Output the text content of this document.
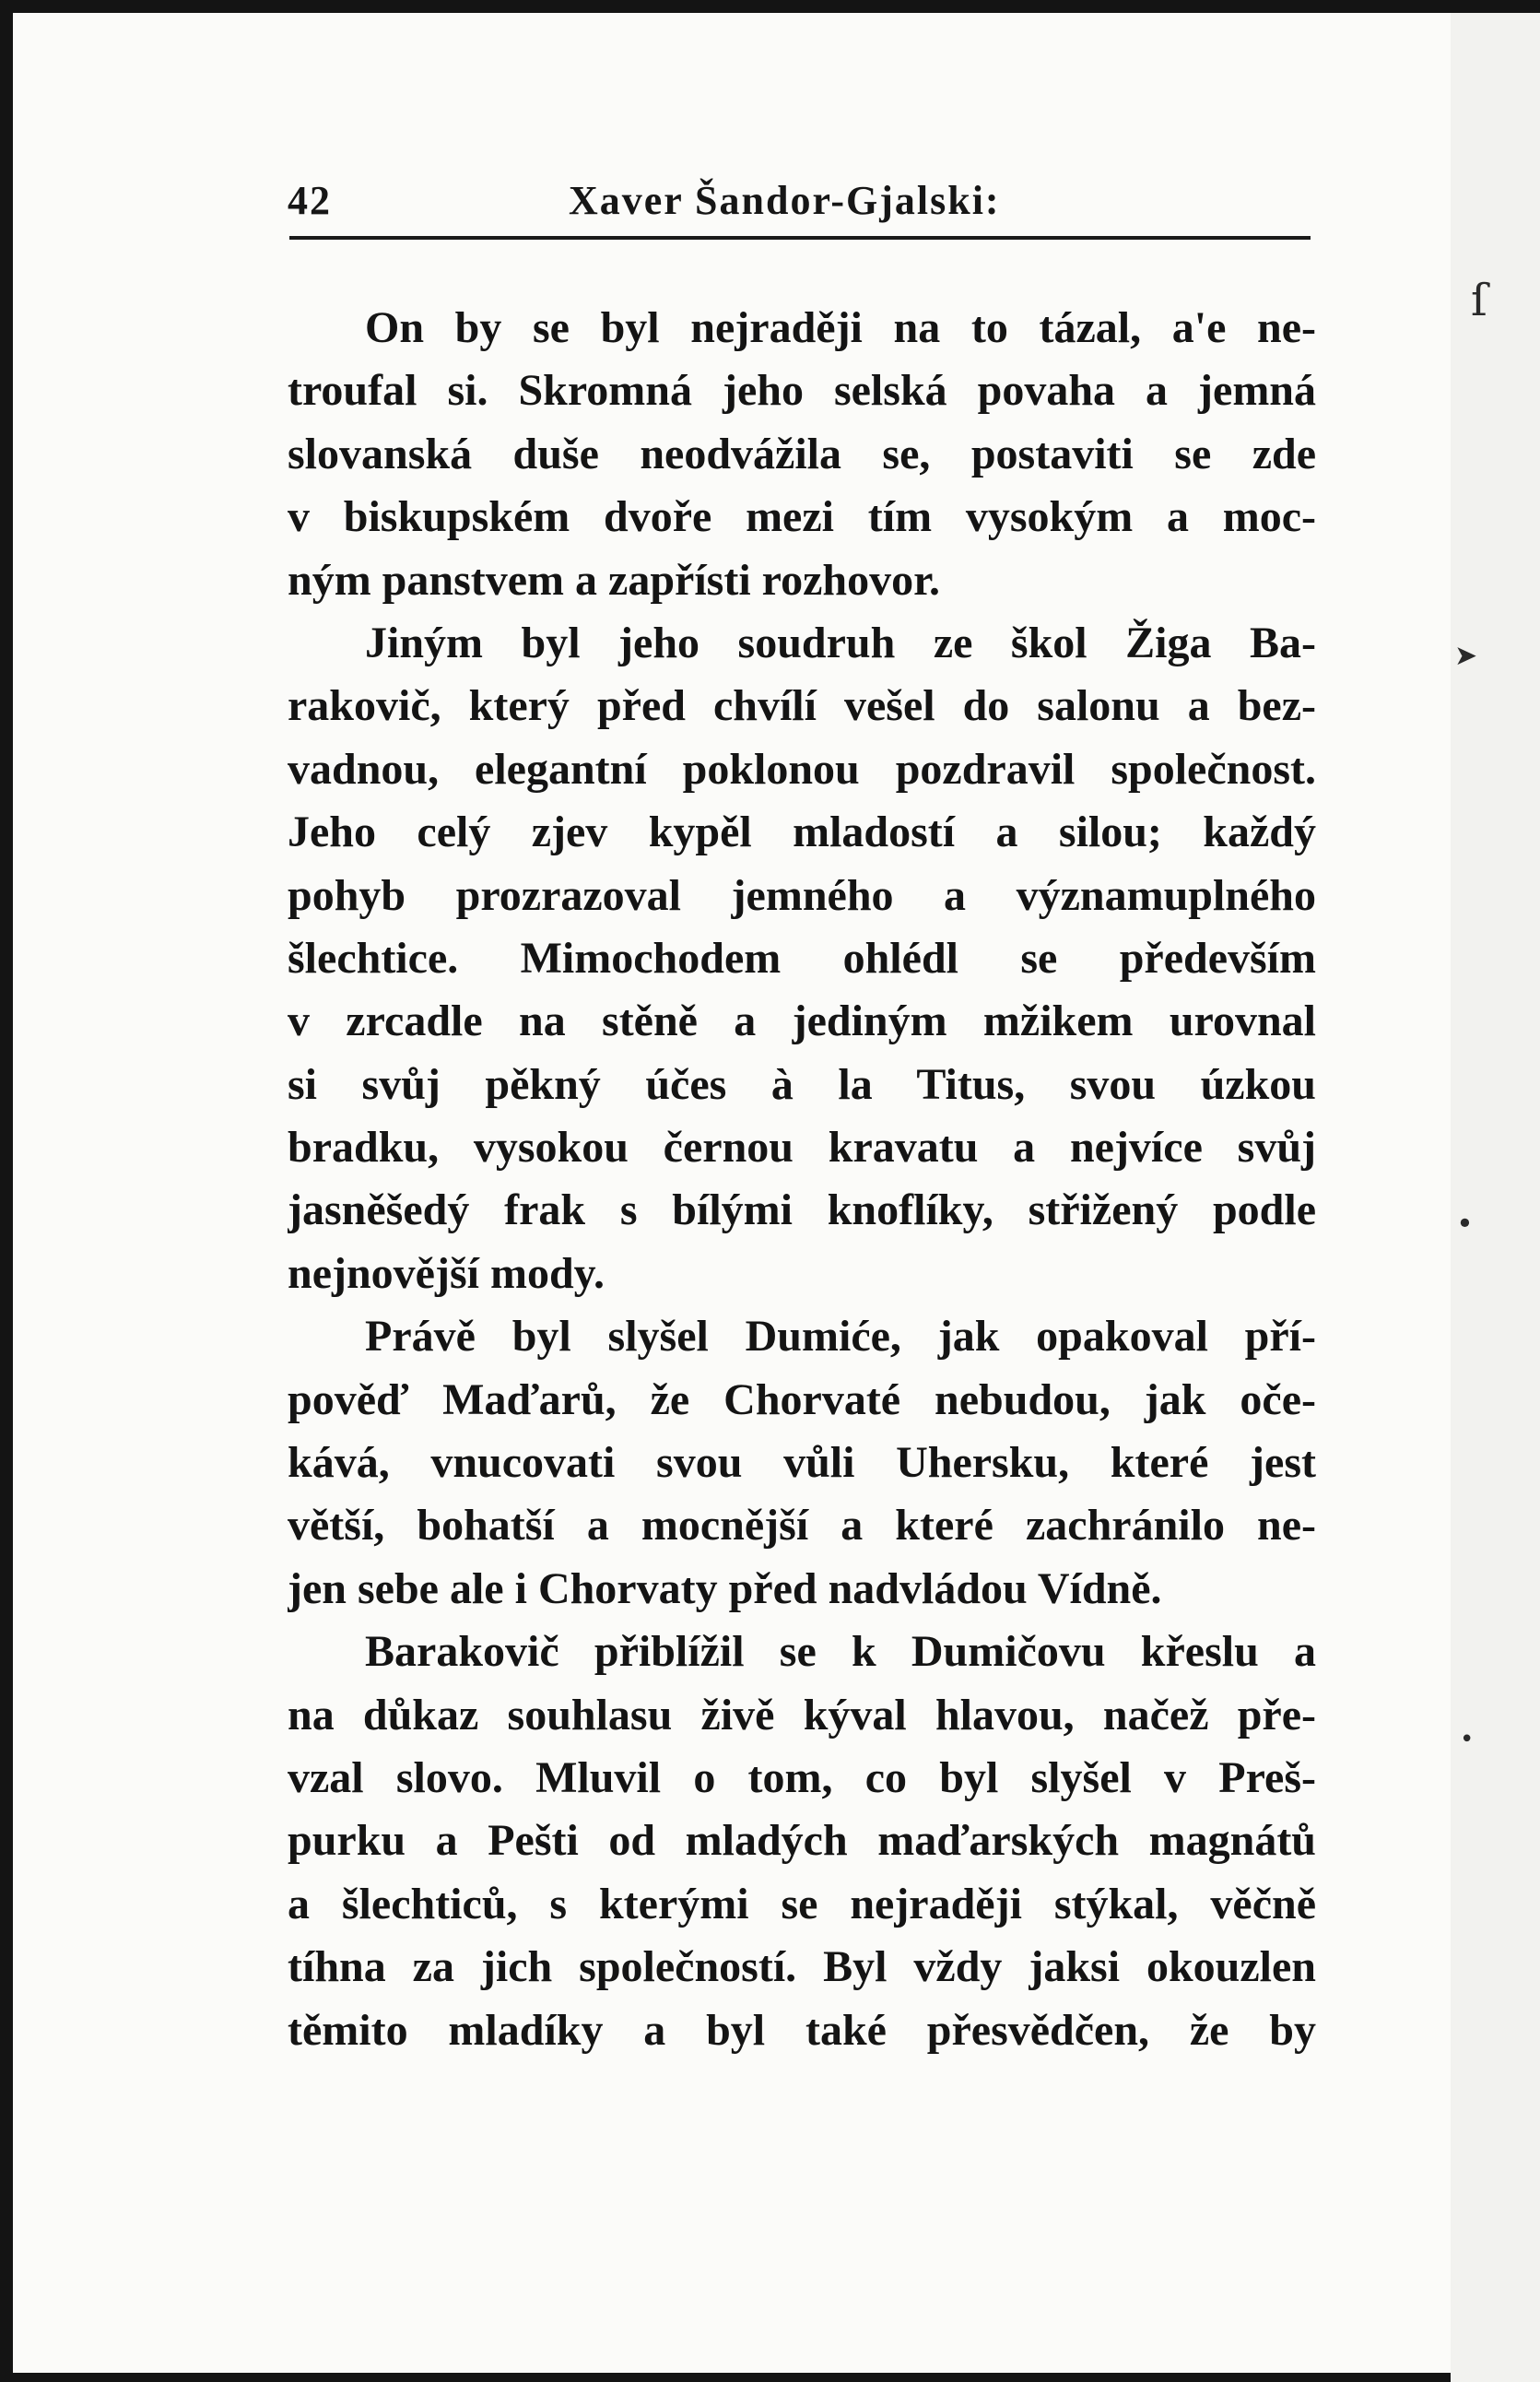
ſ
➤
•
•
42	Xaver Šandor-Gjalski:
On by se byl nejraději na to tázal, a'e ne-
troufal si. Skromná jeho selská povaha a jemná
slovanská duše neodvážila se, postaviti se zde
v biskupském dvoře mezi tím vysokým a moc-
ným panstvem a zapřísti rozhovor.
Jiným byl jeho soudruh ze škol Žiga Ba-
rakovič, který před chvílí vešel do salonu a bez-
vadnou, elegantní poklonou pozdravil společnost.
Jeho celý zjev kypěl mladostí a silou; každý
pohyb prozrazoval jemného a významuplného
šlechtice. Mimochodem ohlédl se především
v zrcadle na stěně a jediným mžikem urovnal
si svůj pěkný účes à la Titus, svou úzkou
bradku, vysokou černou kravatu a nejvíce svůj
jasněšedý frak s bílými knoflíky, střižený podle
nejnovější mody.
Právě byl slyšel Dumiće, jak opakoval pří-
pověď Maďarů, že Chorvaté nebudou, jak oče-
kává, vnucovati svou vůli Uhersku, které jest
větší, bohatší a mocnější a které zachránilo ne-
jen sebe ale i Chorvaty před nadvládou Vídně.
Barakovič přiblížil se k Dumičovu křeslu a
na důkaz souhlasu živě kýval hlavou, načež pře-
vzal slovo. Mluvil o tom, co byl slyšel v Preš-
purku a Pešti od mladých maďarských magnátů
a šlechticů, s kterými se nejraději stýkal, věčně
tíhna za jich společností. Byl vždy jaksi okouzlen
těmito mladíky a byl také přesvědčen, že by
